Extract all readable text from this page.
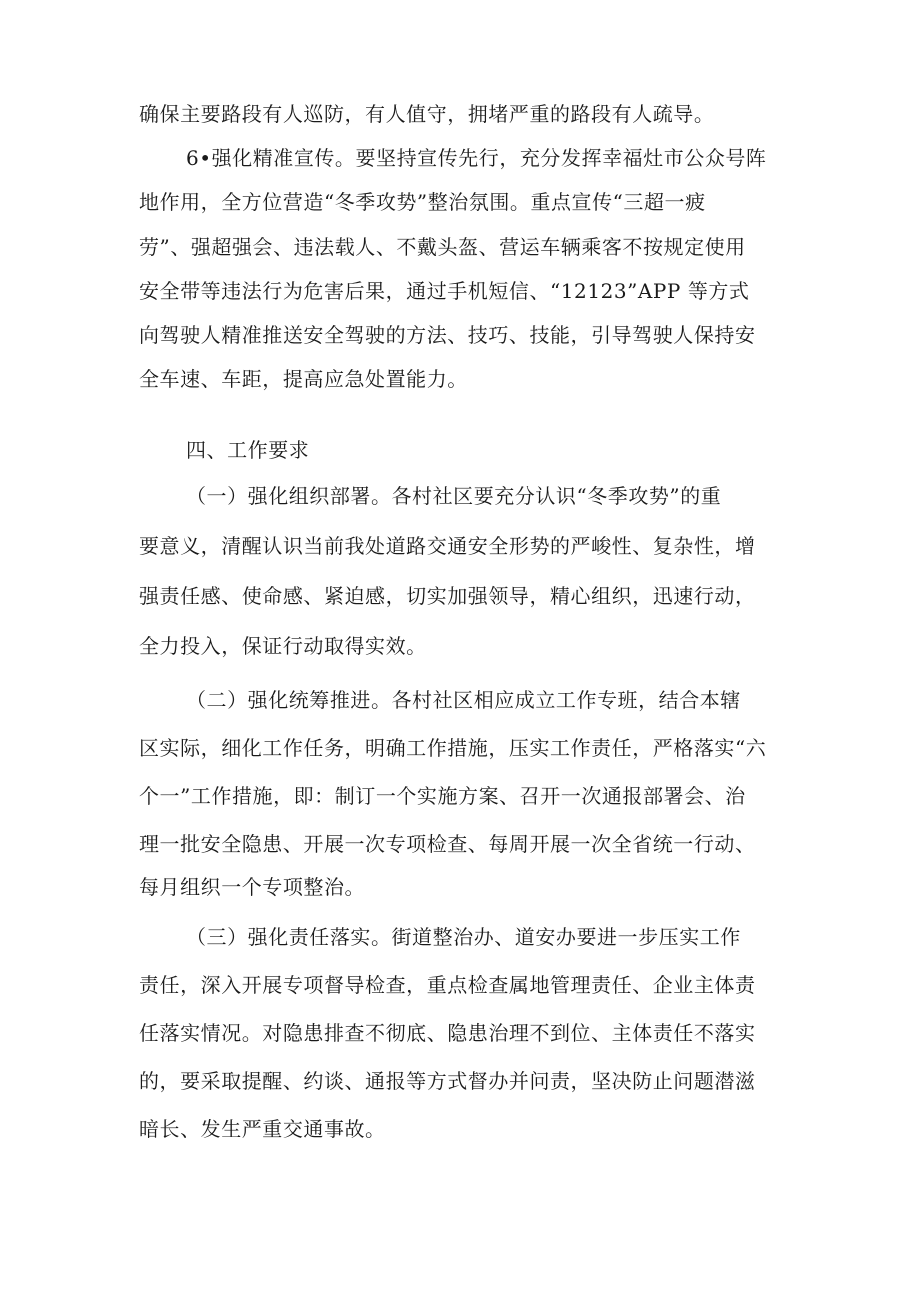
确保主要路段有人巡防，有人值守，拥堵严重的路段有人疏导。
6•强化精准宣传。要坚持宣传先行，充分发挥幸福灶市公众号阵
地作用，全方位营造“冬季攻势”整治氛围。重点宣传“三超一疲
劳”、强超强会、违法载人、不戴头盔、营运车辆乘客不按规定使用
安全带等违法行为危害后果，通过手机短信、“12123”APP 等方式
向驾驶人精准推送安全驾驶的方法、技巧、技能，引导驾驶人保持安
全车速、车距，提高应急处置能力。
四、工作要求
（一）强化组织部署。各村社区要充分认识“冬季攻势”的重
要意义，清醒认识当前我处道路交通安全形势的严峻性、复杂性，增
强责任感、使命感、紧迫感，切实加强领导，精心组织，迅速行动，
全力投入，保证行动取得实效。
（二）强化统筹推进。各村社区相应成立工作专班，结合本辖
区实际，细化工作任务，明确工作措施，压实工作责任，严格落实“六
个一”工作措施，即：制订一个实施方案、召开一次通报部署会、治
理一批安全隐患、开展一次专项检查、每周开展一次全省统一行动、
每月组织一个专项整治。
（三）强化责任落实。街道整治办、道安办要进一步压实工作
责任，深入开展专项督导检查，重点检查属地管理责任、企业主体责
任落实情况。对隐患排查不彻底、隐患治理不到位、主体责任不落实
的，要采取提醒、约谈、通报等方式督办并问责，坚决防止问题潜滋
暗长、发生严重交通事故。
